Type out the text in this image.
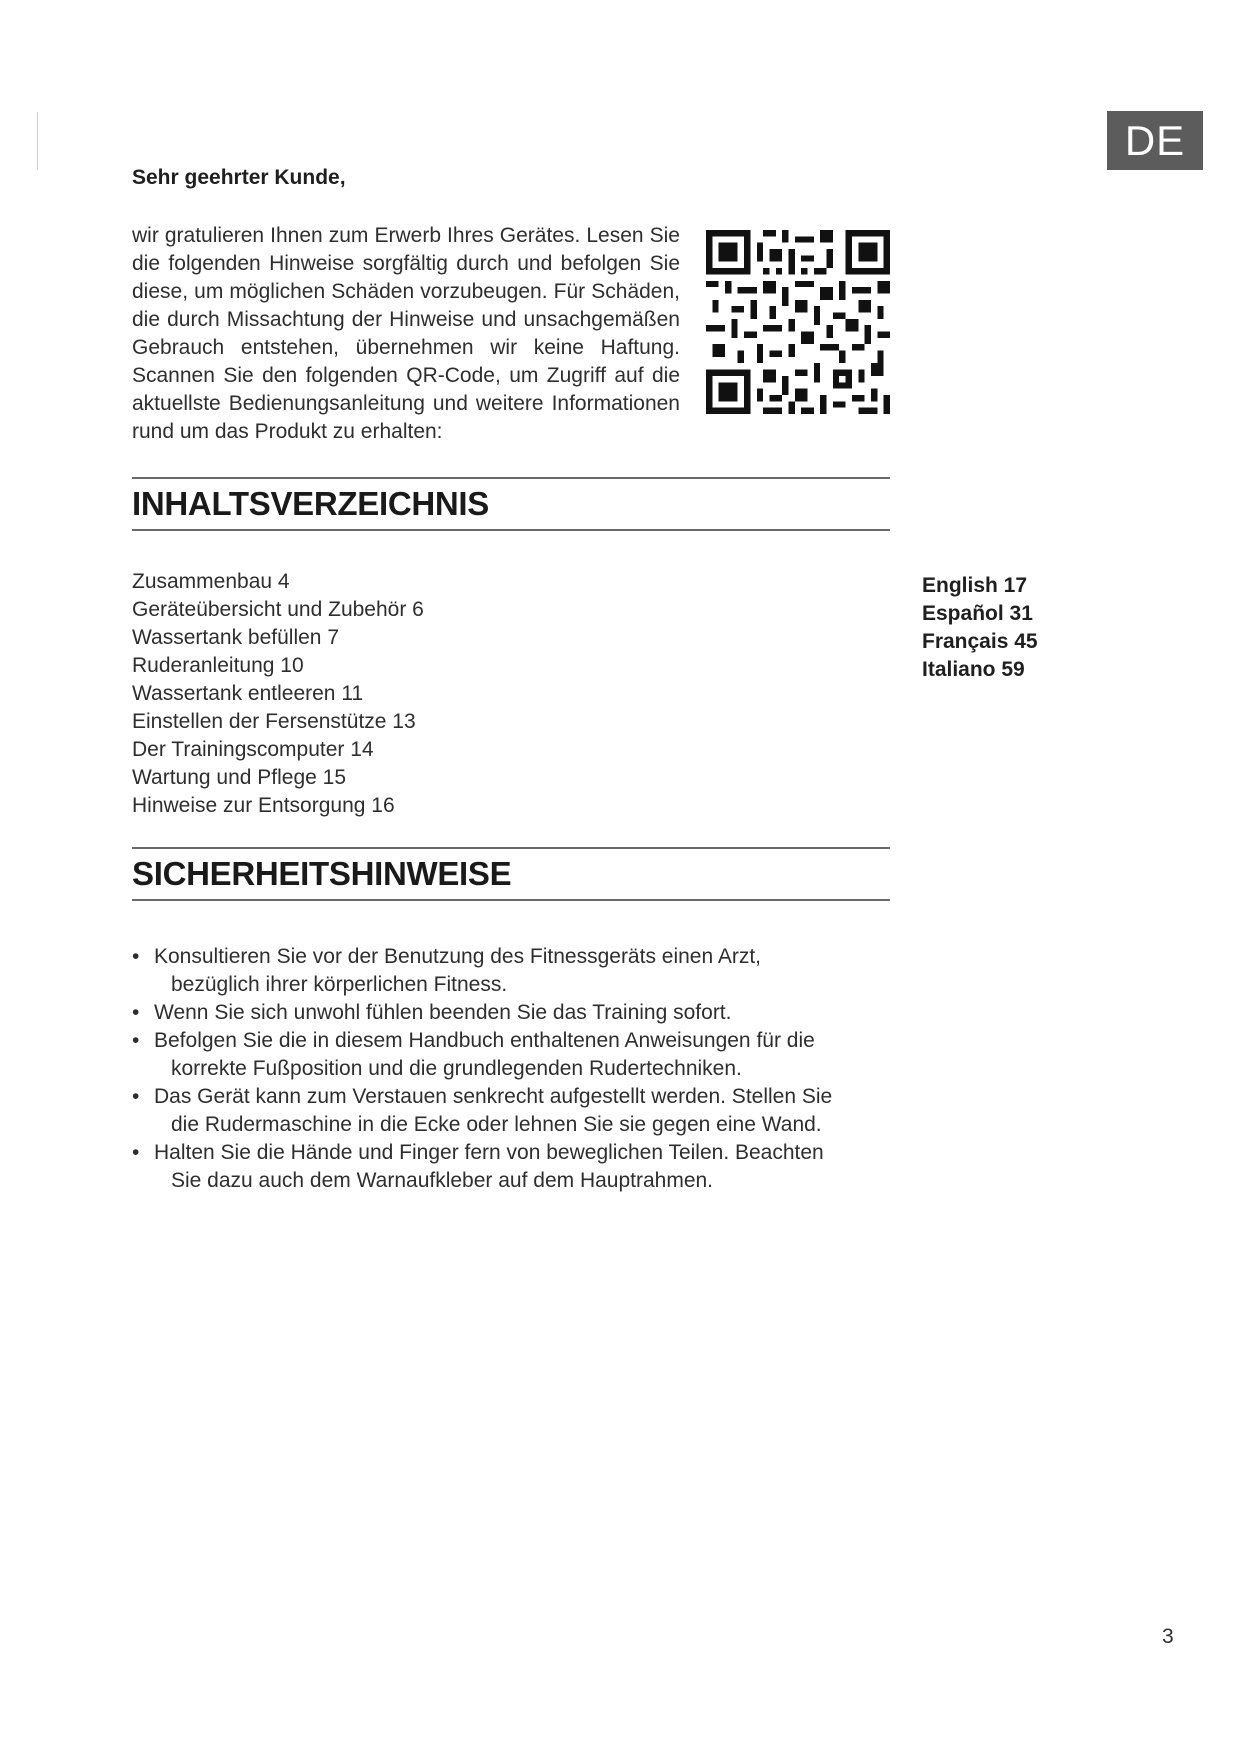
DE
Sehr geehrter Kunde,

wir gratulieren Ihnen zum Erwerb Ihres Gerätes. Lesen Sie die folgenden Hinweise sorgfältig durch und befolgen Sie diese, um möglichen Schäden vorzubeugen. Für Schäden, die durch Missachtung der Hinweise und unsachgemäßen Gebrauch entstehen, übernehmen wir keine Haftung. Scannen Sie den folgenden QR-Code, um Zugriff auf die aktuellste Bedienungsanleitung und weitere Informationen rund um das Produkt zu erhalten:

INHALTSVERZEICHNIS
Zusammenbau 4
Geräteübersicht und Zubehör 6
Wassertank befüllen 7
Ruderanleitung 10
Wassertank entleeren 11
Einstellen der Fersenstütze 13
Der Trainingscomputer 14
Wartung und Pflege 15
Hinweise zur Entsorgung 16
English 17
Español 31
Français 45
Italiano 59
SICHERHEITSHINWEISE
• Konsultieren Sie vor der Benutzung des Fitnessgeräts einen Arzt,
bezüglich ihrer körperlichen Fitness.
• Wenn Sie sich unwohl fühlen beenden Sie das Training sofort.
• Befolgen Sie die in diesem Handbuch enthaltenen Anweisungen für die
korrekte Fußposition und die grundlegenden Rudertechniken.
• Das Gerät kann zum Verstauen senkrecht aufgestellt werden. Stellen Sie
die Rudermaschine in die Ecke oder lehnen Sie sie gegen eine Wand.
• Halten Sie die Hände und Finger fern von beweglichen Teilen. Beachten
Sie dazu auch dem Warnaufkleber auf dem Hauptrahmen.
3
